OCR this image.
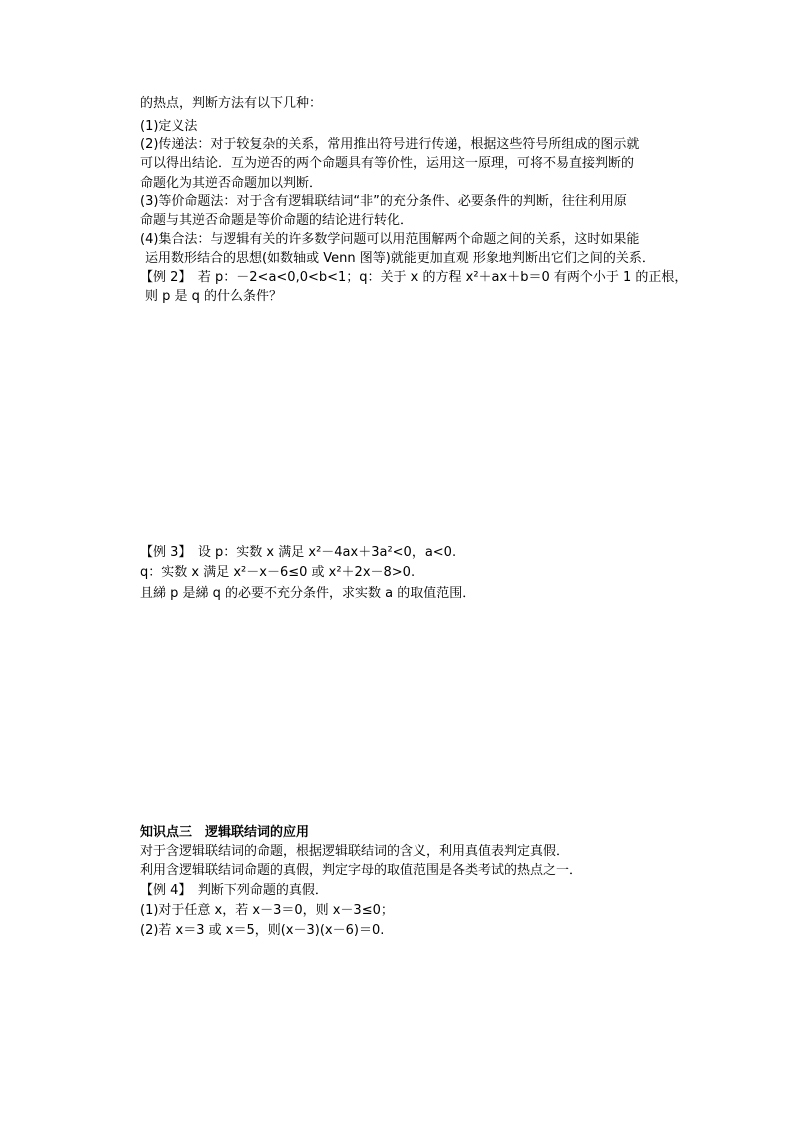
的热点，判断方法有以下几种：
(1)定义法
(2)传递法：对于较复杂的关系，常用推出符号进行传递，根据这些符号所组成的图示就
可以得出结论．互为逆否的两个命题具有等价性，运用这一原理，可将不易直接判断的
命题化为其逆否命题加以判断．
(3)等价命题法：对于含有逻辑联结词“非”的充分条件、必要条件的判断，往往利用原
命题与其逆否命题是等价命题的结论进行转化．
(4)集合法：与逻辑有关的许多数学问题可以用范围解两个命题之间的关系，这时如果能
运用数形结合的思想(如数轴或 Venn 图等)就能更加直观 形象地判断出它们之间的关系．
【例 2】　若 p：－2<a<0,0<b<1；q：关于 x 的方程 x²＋ax＋b＝0 有两个小于 1 的正根，
则 p 是 q 的什么条件？
【例 3】　设 p：实数 x 满足 x²－4ax＋3a²<0，a<0.
q：实数 x 满足 x²－x－6≤0 或 x²＋2x－8>0.
且綈 p 是綈 q 的必要不充分条件，求实数 a 的取值范围．
知识点三　逻辑联结词的应用
对于含逻辑联结词的命题，根据逻辑联结词的含义，利用真值表判定真假．
利用含逻辑联结词命题的真假，判定字母的取值范围是各类考试的热点之一．
【例 4】　判断下列命题的真假．
(1)对于任意 x，若 x－3＝0，则 x－3≤0；
(2)若 x＝3 或 x＝5，则(x－3)(x－6)＝0.
